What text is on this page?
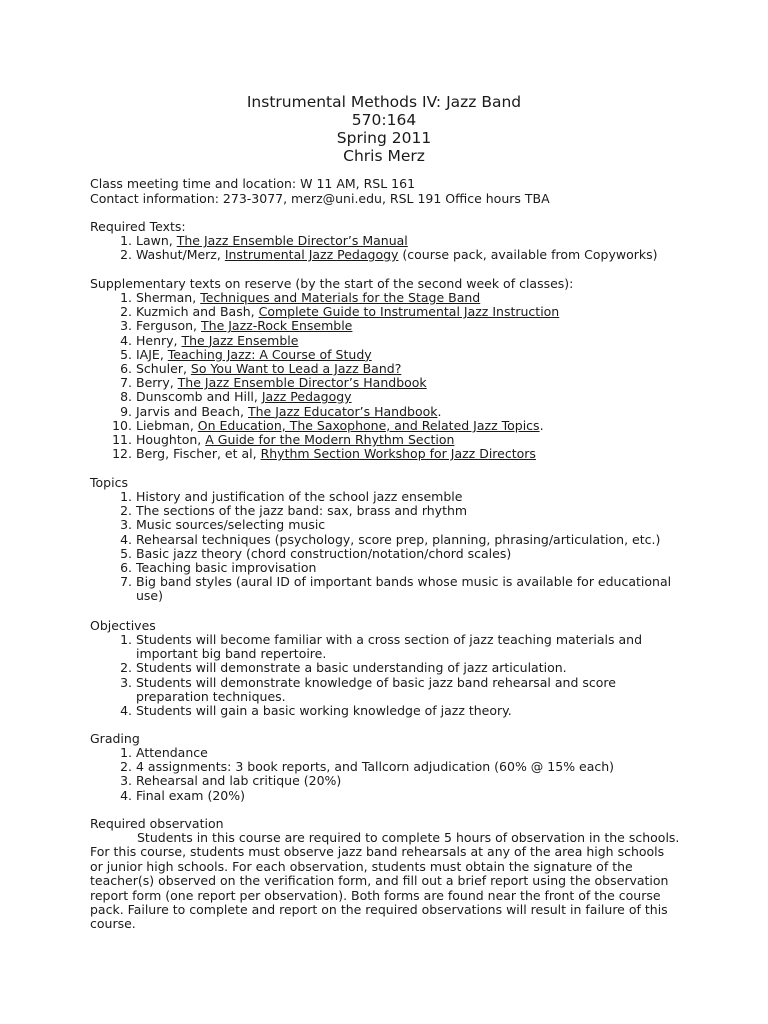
Instrumental Methods IV: Jazz Band
570:164
Spring 2011
Chris Merz
Class meeting time and location: W 11 AM, RSL 161
Contact information: 273-3077, merz@uni.edu, RSL 191 Office hours TBA
Required Texts:
1. Lawn, The Jazz Ensemble Director’s Manual
2. Washut/Merz, Instrumental Jazz Pedagogy (course pack, available from Copyworks)
Supplementary texts on reserve (by the start of the second week of classes):
1. Sherman, Techniques and Materials for the Stage Band
2. Kuzmich and Bash, Complete Guide to Instrumental Jazz Instruction
3. Ferguson, The Jazz-Rock Ensemble
4. Henry, The Jazz Ensemble
5. IAJE, Teaching Jazz: A Course of Study
6. Schuler, So You Want to Lead a Jazz Band?
7. Berry, The Jazz Ensemble Director’s Handbook
8. Dunscomb and Hill, Jazz Pedagogy
9. Jarvis and Beach, The Jazz Educator’s Handbook.
10. Liebman, On Education, The Saxophone, and Related Jazz Topics.
11. Houghton, A Guide for the Modern Rhythm Section
12. Berg, Fischer, et al, Rhythm Section Workshop for Jazz Directors
Topics
1. History and justification of the school jazz ensemble
2. The sections of the jazz band: sax, brass and rhythm
3. Music sources/selecting music
4. Rehearsal techniques (psychology, score prep, planning, phrasing/articulation, etc.)
5. Basic jazz theory (chord construction/notation/chord scales)
6. Teaching basic improvisation
7. Big band styles (aural ID of important bands whose music is available for educational use)
Objectives
1. Students will become familiar with a cross section of jazz teaching materials and important big band repertoire.
2. Students will demonstrate a basic understanding of jazz articulation.
3. Students will demonstrate knowledge of basic jazz band rehearsal and score preparation techniques.
4. Students will gain a basic working knowledge of jazz theory.
Grading
1. Attendance
2. 4 assignments: 3 book reports, and Tallcorn adjudication (60% @ 15% each)
3. Rehearsal and lab critique (20%)
4. Final exam (20%)
Required observation
Students in this course are required to complete 5 hours of observation in the schools. For this course, students must observe jazz band rehearsals at any of the area high schools or junior high schools. For each observation, students must obtain the signature of the teacher(s) observed on the verification form, and fill out a brief report using the observation report form (one report per observation). Both forms are found near the front of the course pack. Failure to complete and report on the required observations will result in failure of this course.
